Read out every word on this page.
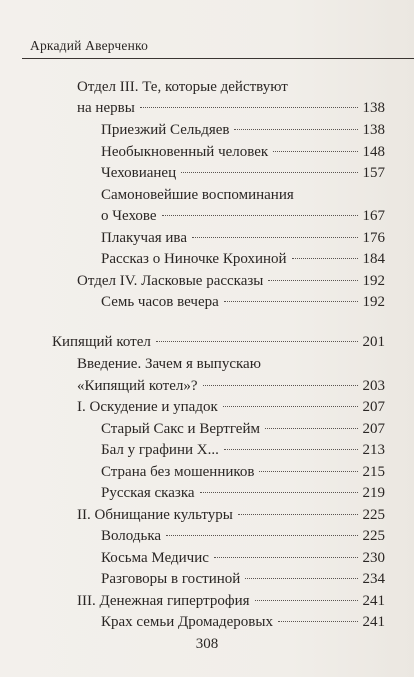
Аркадий Аверченко
Отдел III. Те, которые действуют
на нервы	138
Приезжий Сельдяев	138
Необыкновенный человек	148
Чеховианец	157
Самоновейшие воспоминания
о Чехове	167
Плакучая ива	176
Рассказ о Ниночке Крохиной	184
Отдел IV. Ласковые рассказы	192
Семь часов вечера	192
Кипящий котел	201
Введение. Зачем я выпускаю
«Кипящий котел»?	203
I. Оскудение и упадок	207
Старый Сакс и Вертгейм	207
Бал у графини Х...	213
Страна без мошенников	215
Русская сказка	219
II. Обнищание культуры	225
Володька	225
Косьма Медичис	230
Разговоры в гостиной	234
III. Денежная гипертрофия	241
Крах семьи Дромадеровых	241
308
